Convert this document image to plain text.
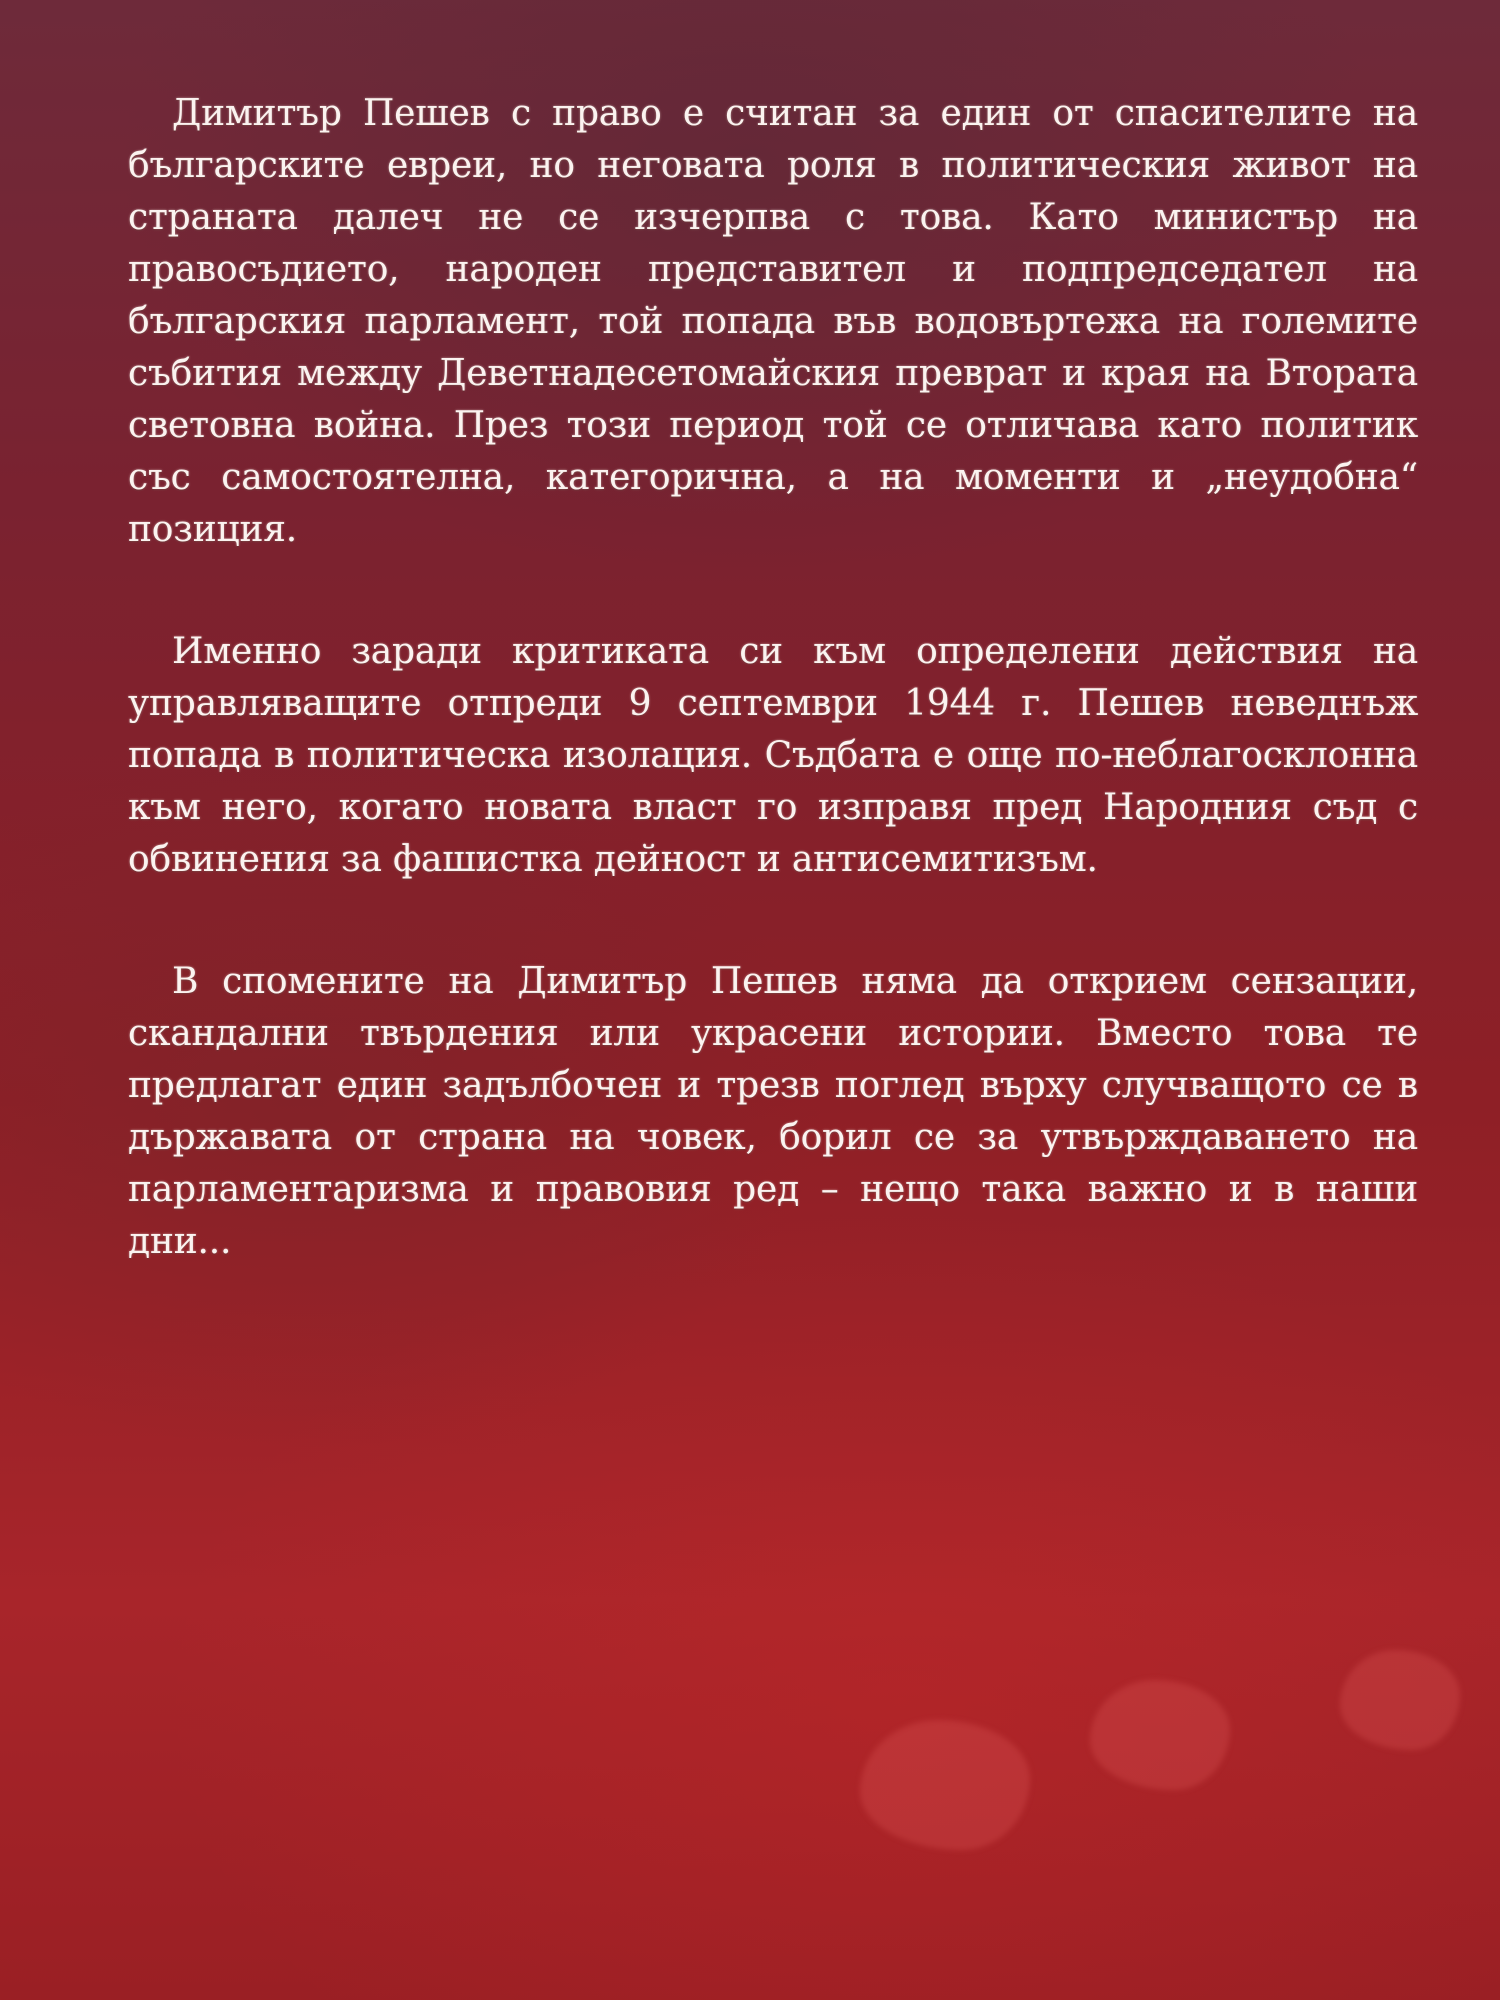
Димитър Пешев с право е считан за един от спасителите на българските евреи, но неговата роля в политическия живот на страната далеч не се изчерпва с това. Като министър на правосъдието, народен представител и подпредседател на българския парламент, той попада във водовъртежа на големите събития между Деветнадесетомайския преврат и края на Втората световна война. През този период той се отличава като политик със самостоятелна, категорична, а на моменти и „неудобна“ позиция.

Именно заради критиката си към определени действия на управляващите отпреди 9 септември 1944 г. Пешев неведнъж попада в политическа изолация. Съдбата е още по-неблагосклонна към него, когато новата власт го изправя пред Народния съд с обвинения за фашистка дейност и антисемитизъм.

В спомените на Димитър Пешев няма да открием сензации, скандални твърдения или украсени истории. Вместо това те предлагат един задълбочен и трезв поглед върху случващото се в държавата от страна на човек, борил се за утвърждаването на парламентаризма и правовия ред – нещо така важно и в наши дни...
